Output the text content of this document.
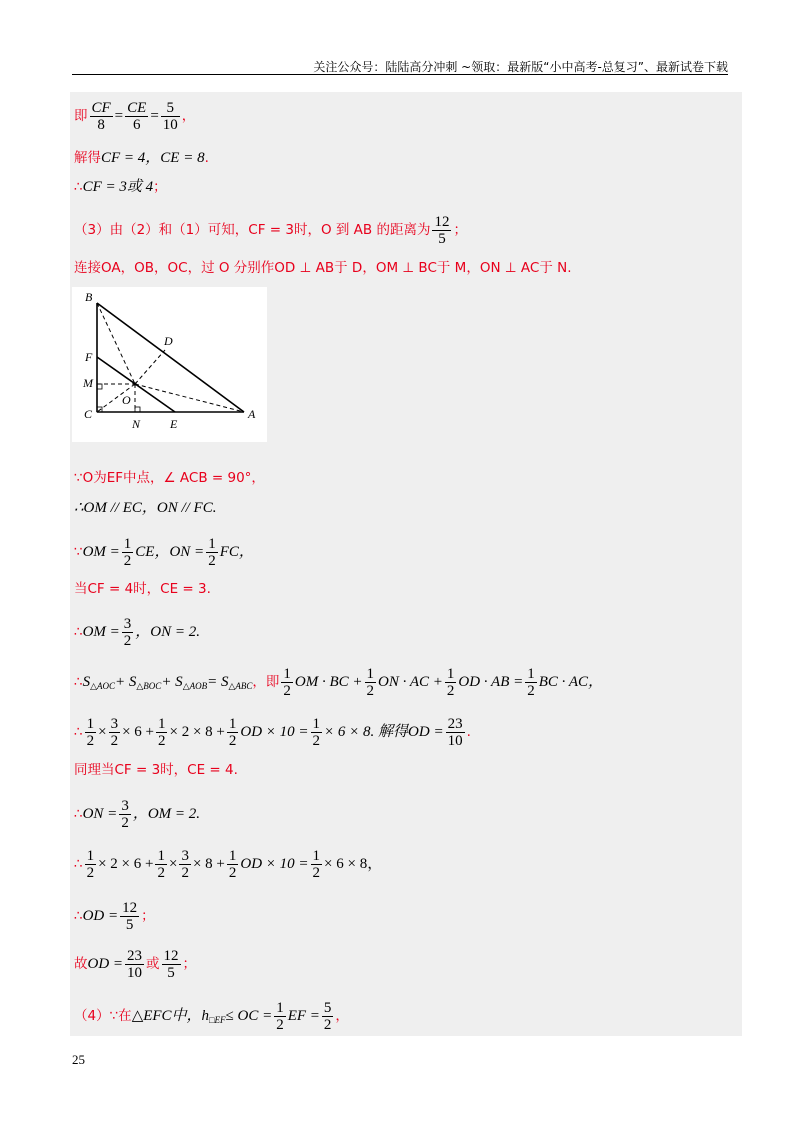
关注公众号：陆陆高分冲刺 ~领取：最新版“小中高考-总复习”、最新试卷下载
即 $\frac{CF}{8} = \frac{CE}{6} = \frac{5}{10}$ ，
解得CF = 4，CE = 8.
∴CF = 3或 4；
（3）由（2）和（1）可知，CF = 3时，O 到 AB 的距离为 $\frac{12}{5}$ ；
连接OA，OB，OC，过 O 分别作OD ⊥ AB于 D，OM ⊥ BC于 M，ON ⊥ AC于 N.
B
D
F
M
O
C
N E
A
∵O为EF中点，∠ ACB = 90°，
∴OM // EC，ON // FC.
∵OM = $\frac{1}{2}$ CE，ON = $\frac{1}{2}$ FC，
当CF = 4时，CE = 3.
∴OM = $\frac{3}{2}$ ，ON = 2.
$\therefore S_{\triangle AOC}+ S_{\triangle BOC}+ S_{\triangle AOB}= S_{\triangle ABC}$，即 $\frac{1}{2}$ OM · BC + $\frac{1}{2}$ ON · AC + $\frac{1}{2}$ OD · AB = $\frac{1}{2}$ BC · AC，
∴ $\frac{1}{2} \times \frac{3}{2} \times 6 + \frac{1}{2} \times 2 \times 8 + \frac{1}{2}$ OD × $10 = \frac{1}{2} \times 6 \times 8$. 解得OD = $\frac{23}{10}$ .
同理当CF = 3时，CE = 4.
∴ON = $\frac{3}{2}$ ，OM = 2.
∴ $\frac{1}{2} \times 2 \times 6 + \frac{1}{2} \times \frac{3}{2} \times 8 + \frac{1}{2}$ OD × $10 = \frac{1}{2} \times 6 \times 8$，
∴OD = $\frac{12}{5}$ ；
故OD = $\frac{23}{10}$ 或 $\frac{12}{5}$ ；
（4）∵在△EFC中，$h_{□EF}\le$ OC = $\frac{1}{2}$ EF = $\frac{5}{2}$ ，
25
